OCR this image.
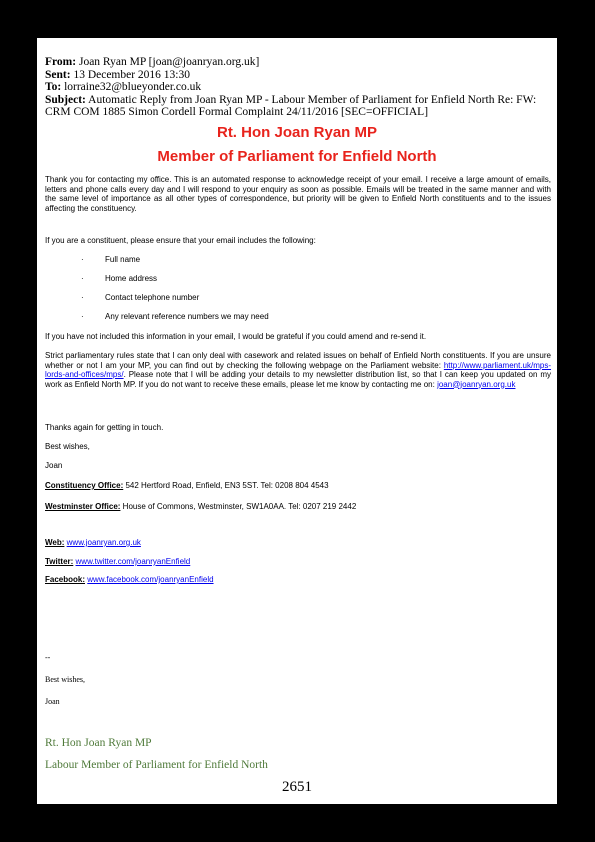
From: Joan Ryan MP [joan@joanryan.org.uk]
Sent: 13 December 2016 13:30
To: lorraine32@blueyonder.co.uk
Subject: Automatic Reply from Joan Ryan MP - Labour Member of Parliament for Enfield North Re: FW: CRM COM 1885 Simon Cordell Formal Complaint 24/11/2016 [SEC=OFFICIAL]
Rt. Hon Joan Ryan MP
Member of Parliament for Enfield North
Thank you for contacting my office. This is an automated response to acknowledge receipt of your email. I receive a large amount of emails, letters and phone calls every day and I will respond to your enquiry as soon as possible. Emails will be treated in the same manner and with the same level of importance as all other types of correspondence, but priority will be given to Enfield North constituents and to the issues affecting the constituency.
If you are a constituent, please ensure that your email includes the following:
·	Full name
·	Home address
·	Contact telephone number
·	Any relevant reference numbers we may need
If you have not included this information in your email, I would be grateful if you could amend and re-send it.
Strict parliamentary rules state that I can only deal with casework and related issues on behalf of Enfield North constituents. If you are unsure whether or not I am your MP, you can find out by checking the following webpage on the Parliament website: http://www.parliament.uk/mps-lords-and-offices/mps/. Please note that I will be adding your details to my newsletter distribution list, so that I can keep you updated on my work as Enfield North MP. If you do not want to receive these emails, please let me know by contacting me on: joan@joanryan.org.uk
Thanks again for getting in touch.
Best wishes,
Joan
Constituency Office: 542 Hertford Road, Enfield, EN3 5ST. Tel: 0208 804 4543
Westminster Office: House of Commons, Westminster, SW1A0AA. Tel: 0207 219 2442
Web: www.joanryan.org.uk
Twitter: www.twitter.com/joanryanEnfield
Facebook: www.facebook.com/joanryanEnfield
--
Best wishes,
Joan
Rt. Hon Joan Ryan MP
Labour Member of Parliament for Enfield North
2651
